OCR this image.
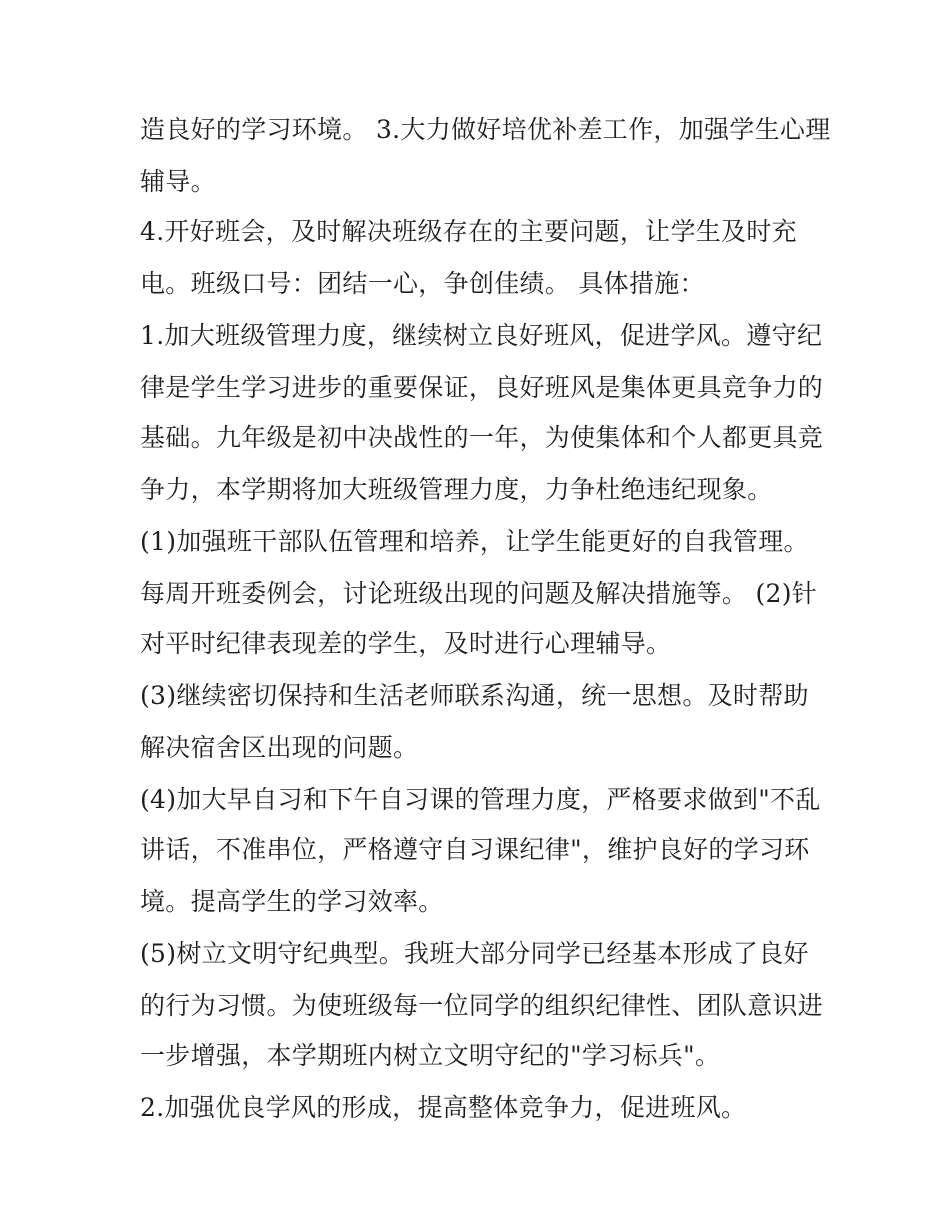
造良好的学习环境。 3.大力做好培优补差工作，加强学生心理
辅导。
4.开好班会，及时解决班级存在的主要问题，让学生及时充
电。班级口号：团结一心，争创佳绩。 具体措施：
1.加大班级管理力度，继续树立良好班风，促进学风。遵守纪
律是学生学习进步的重要保证，良好班风是集体更具竞争力的
基础。九年级是初中决战性的一年，为使集体和个人都更具竞
争力，本学期将加大班级管理力度，力争杜绝违纪现象。
(1)加强班干部队伍管理和培养，让学生能更好的自我管理。
每周开班委例会，讨论班级出现的问题及解决措施等。 (2)针
对平时纪律表现差的学生，及时进行心理辅导。
(3)继续密切保持和生活老师联系沟通，统一思想。及时帮助
解决宿舍区出现的问题。
(4)加大早自习和下午自习课的管理力度，严格要求做到"不乱
讲话，不准串位，严格遵守自习课纪律"，维护良好的学习环
境。提高学生的学习效率。
(5)树立文明守纪典型。我班大部分同学已经基本形成了良好
的行为习惯。为使班级每一位同学的组织纪律性、团队意识进
一步增强，本学期班内树立文明守纪的"学习标兵"。
2.加强优良学风的形成，提高整体竞争力，促进班风。
